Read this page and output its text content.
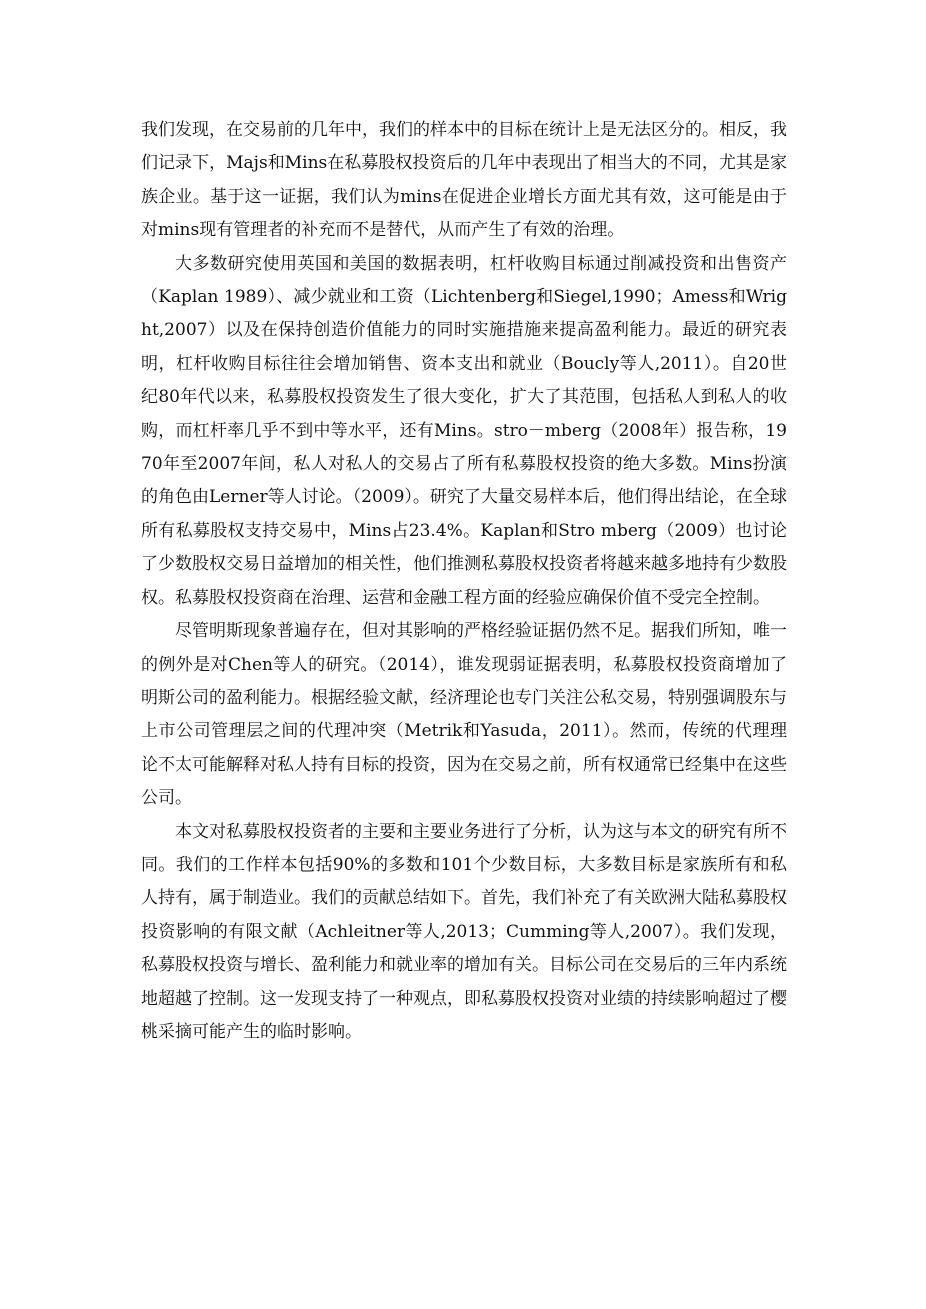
我们发现，在交易前的几年中，我们的样本中的目标在统计上是无法区分的。相反，我们记录下，Majs和Mins在私募股权投资后的几年中表现出了相当大的不同，尤其是家族企业。基于这一证据，我们认为mins在促进企业增长方面尤其有效，这可能是由于对mins现有管理者的补充而不是替代，从而产生了有效的治理。

大多数研究使用英国和美国的数据表明，杠杆收购目标通过削减投资和出售资产（Kaplan 1989）、减少就业和工资（Lichtenberg和Siegel,1990；Amess和Wright,2007）以及在保持创造价值能力的同时实施措施来提高盈利能力。最近的研究表明，杠杆收购目标往往会增加销售、资本支出和就业（Boucly等人,2011）。自20世纪80年代以来，私募股权投资发生了很大变化，扩大了其范围，包括私人到私人的收购，而杠杆率几乎不到中等水平，还有Mins。stro－mberg（2008年）报告称，1970年至2007年间，私人对私人的交易占了所有私募股权投资的绝大多数。Mins扮演的角色由Lerner等人讨论。（2009）。研究了大量交易样本后，他们得出结论，在全球所有私募股权支持交易中，Mins占23.4%。Kaplan和Stro mberg（2009）也讨论了少数股权交易日益增加的相关性，他们推测私募股权投资者将越来越多地持有少数股权。私募股权投资商在治理、运营和金融工程方面的经验应确保价值不受完全控制。

尽管明斯现象普遍存在，但对其影响的严格经验证据仍然不足。据我们所知，唯一的例外是对Chen等人的研究。（2014），谁发现弱证据表明，私募股权投资商增加了明斯公司的盈利能力。根据经验文献，经济理论也专门关注公私交易，特别强调股东与上市公司管理层之间的代理冲突（Metrik和Yasuda，2011）。然而，传统的代理理论不太可能解释对私人持有目标的投资，因为在交易之前，所有权通常已经集中在这些公司。

本文对私募股权投资者的主要和主要业务进行了分析，认为这与本文的研究有所不同。我们的工作样本包括90%的多数和101个少数目标，大多数目标是家族所有和私人持有，属于制造业。我们的贡献总结如下。首先，我们补充了有关欧洲大陆私募股权投资影响的有限文献（Achleitner等人,2013；Cumming等人,2007）。我们发现，私募股权投资与增长、盈利能力和就业率的增加有关。目标公司在交易后的三年内系统地超越了控制。这一发现支持了一种观点，即私募股权投资对业绩的持续影响超过了樱桃采摘可能产生的临时影响。
